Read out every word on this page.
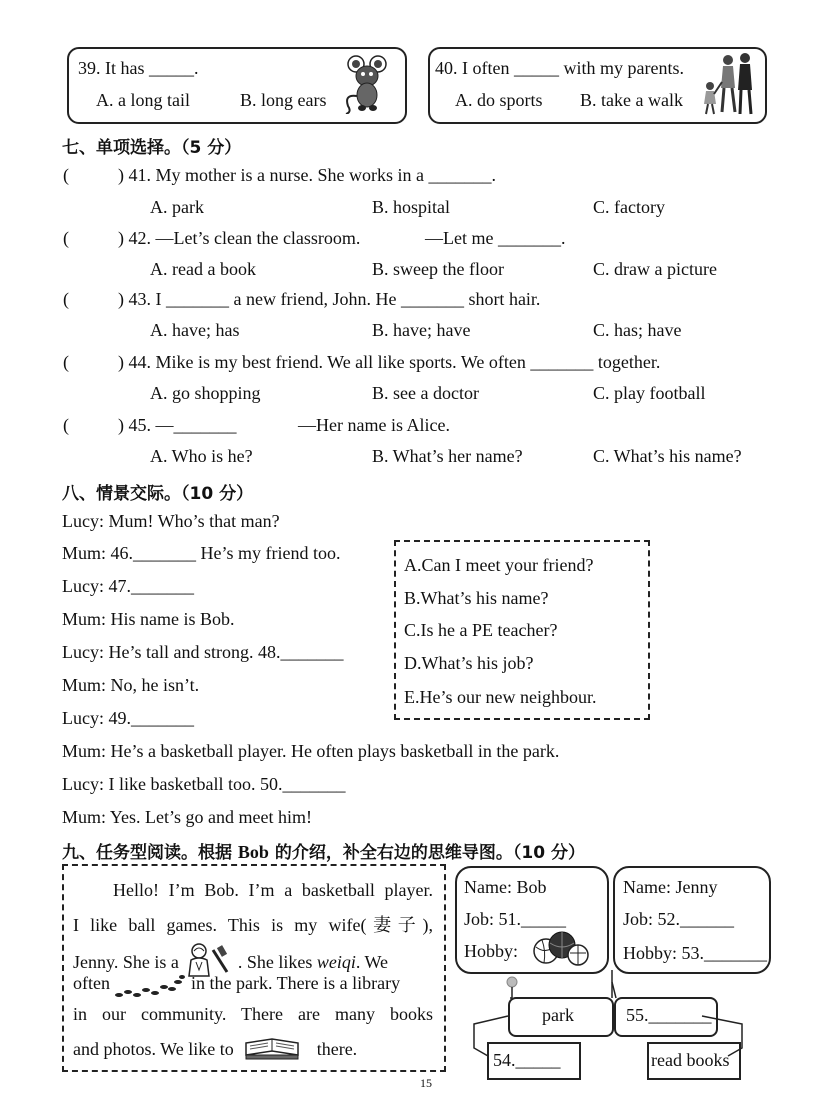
39. It has _____.
A. a long tail	B. long ears
40. I often _____ with my parents.
A. do sports B. take a walk
七、单项选择。（5 分）
(	) 41. My mother is a nurse. She works in a _______.
A. park	B. hospital	C. factory
(	) 42. —Let’s clean the classroom.	—Let me _______.
A. read a book	B. sweep the floor	C. draw a picture
(	) 43. I _______ a new friend, John. He _______ short hair.
A. have; has	B. have; have	C. has; have
(	) 44. Mike is my best friend. We all like sports. We often _______ together.
A. go shopping	B. see a doctor	C. play football
(	) 45. —_______	—Her name is Alice.
A. Who is he?	B. What’s her name?	C. What’s his name?
八、情景交际。（10 分）
Lucy: Mum! Who’s that man?
Mum: 46._______ He’s my friend too.
Lucy: 47._______
Mum: His name is Bob.
Lucy: He’s tall and strong. 48._______
Mum: No, he isn’t.
Lucy: 49._______
Mum: He’s a basketball player. He often plays basketball in the park.
Lucy: I like basketball too. 50._______
Mum: Yes. Let’s go and meet him!
A.Can I meet your friend?
B.What’s his name?
C.Is he a PE teacher?
D.What’s his job?
E.He’s our new neighbour.
九、任务型阅读。根据 Bob 的介绍，补全右边的思维导图。（10 分）
Hello! I’m Bob. I’m a basketball player.
I like ball games. This is my wife(妻子),
Jenny. She is a	. She likes weiqi. We
often	in the park. There is a library
in our community. There are many books
and photos. We like to	there.
Name: Bob
Job: 51._____
Hobby:
Name: Jenny
Job: 52.______
Hobby: 53._______
park	55._______
54._____	read books
15
